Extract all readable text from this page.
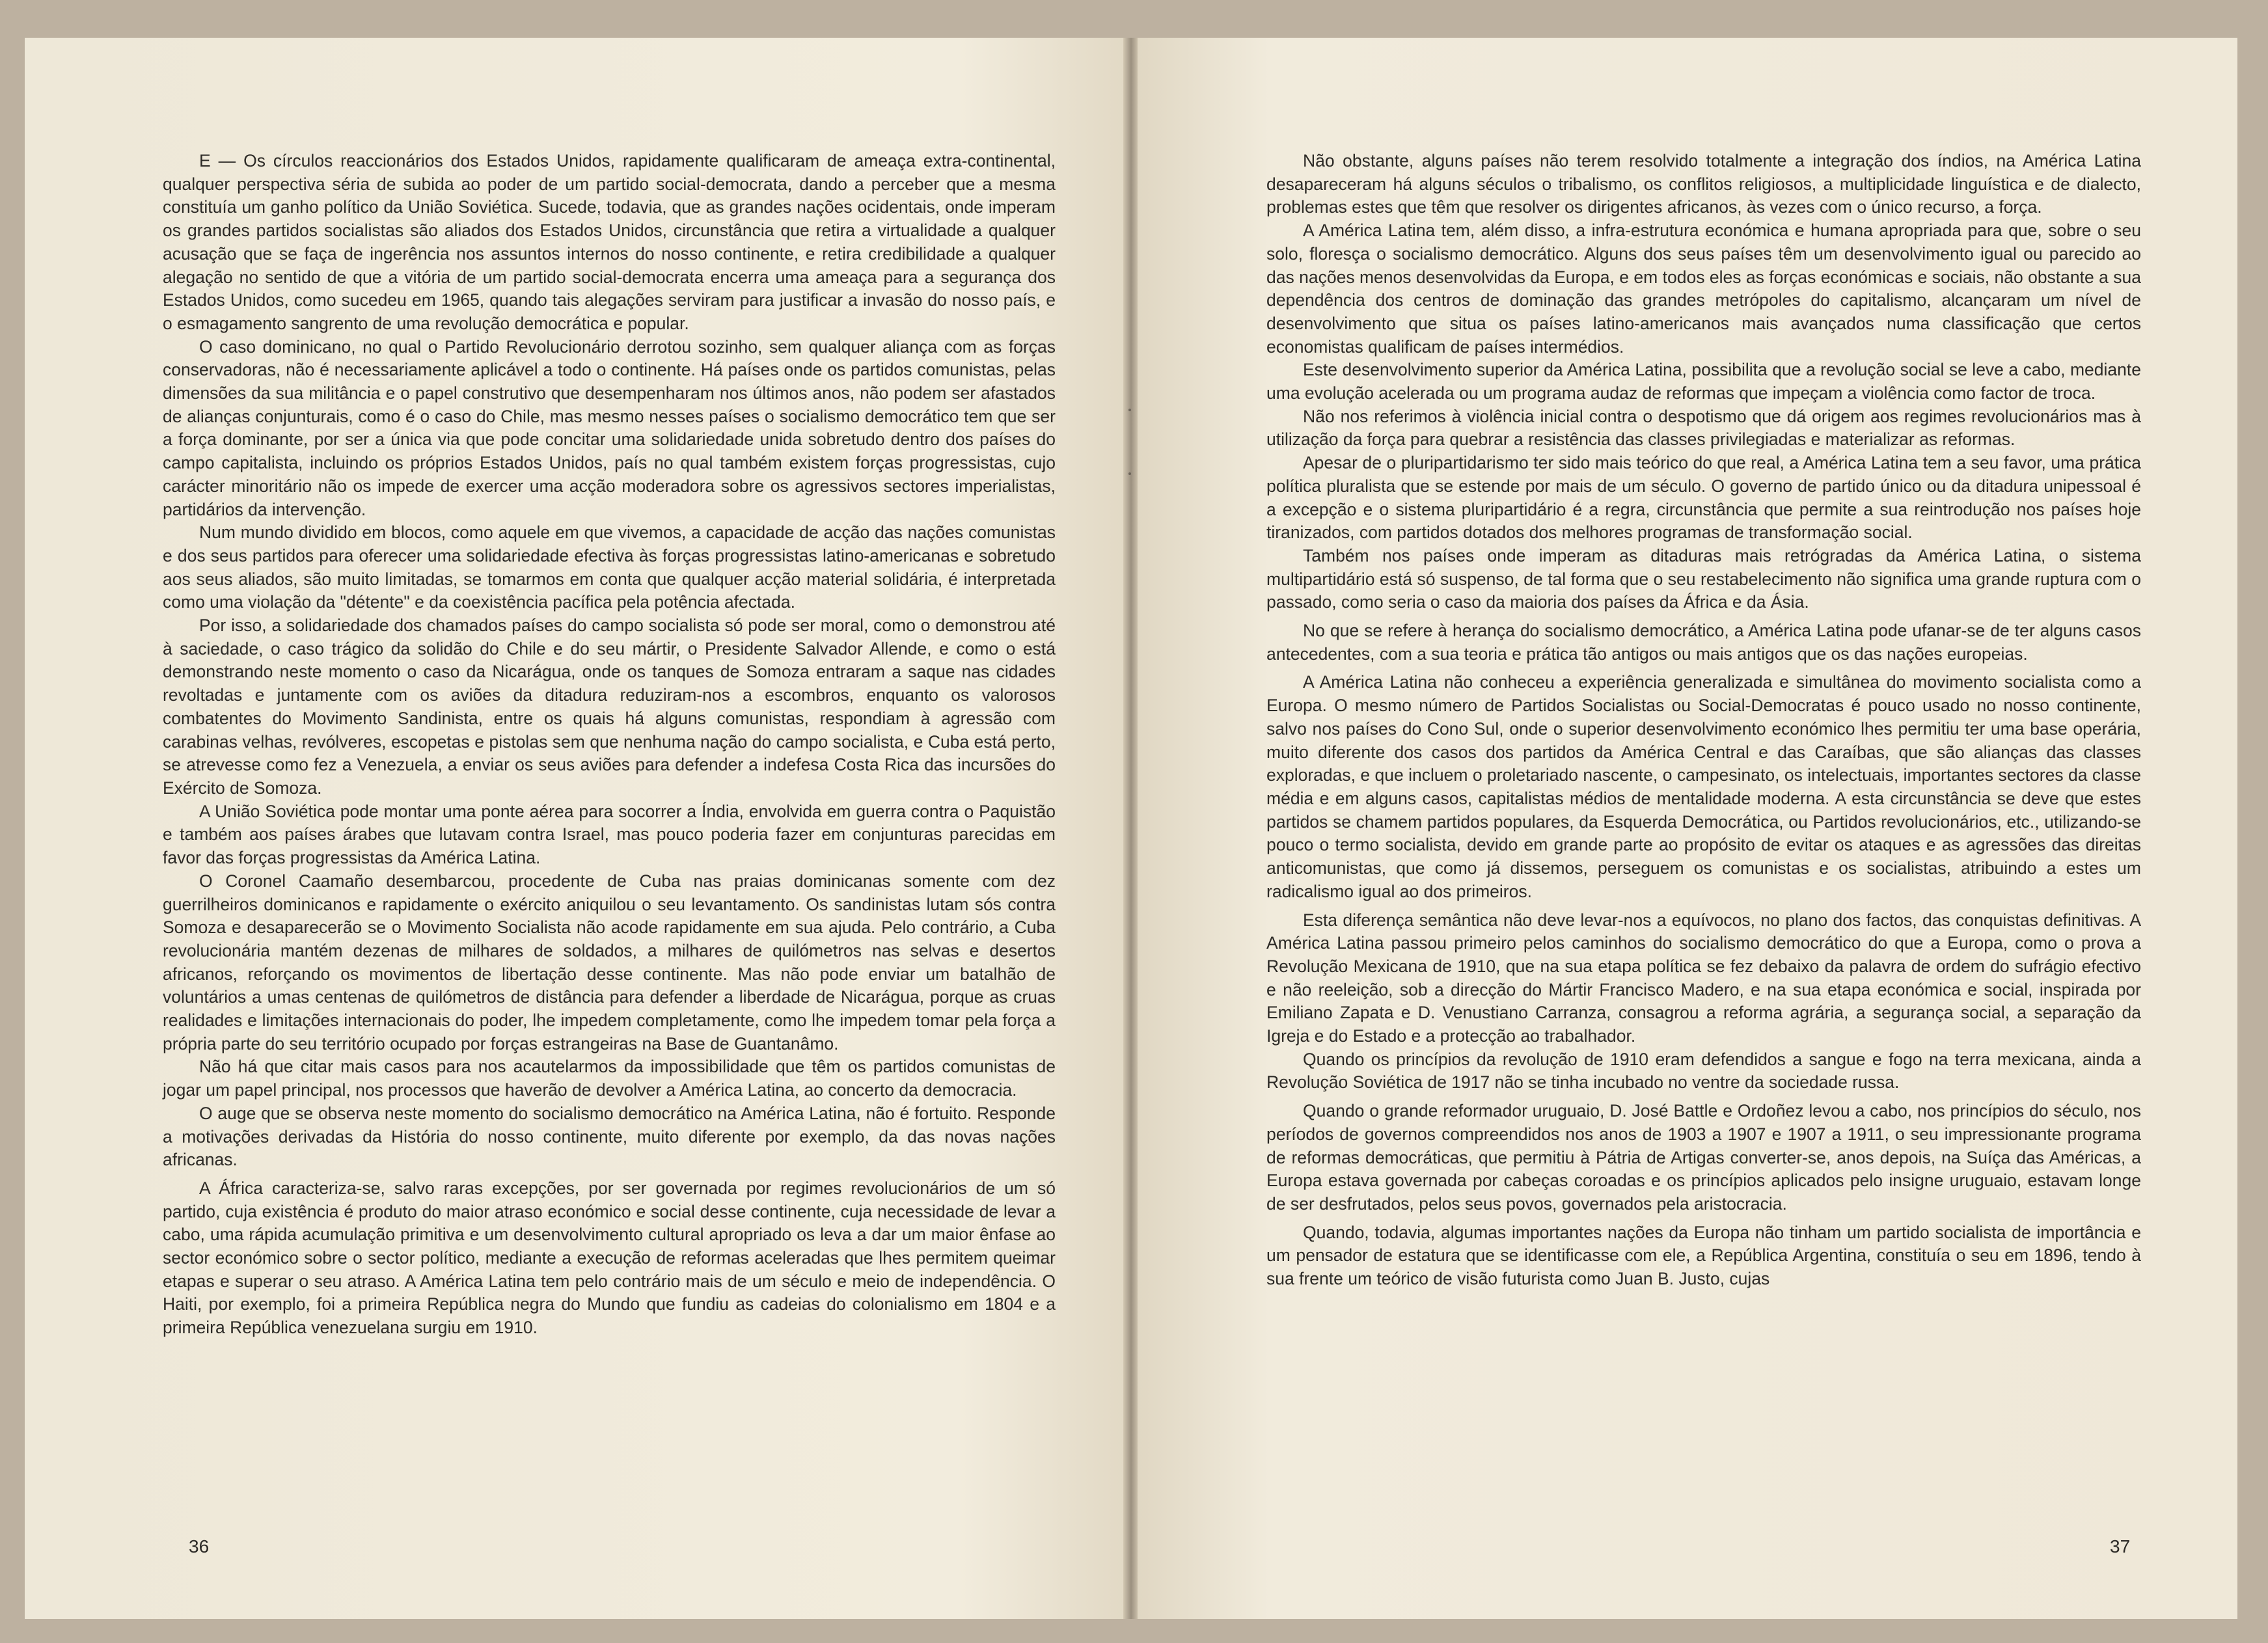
E — Os círculos reaccionários dos Estados Unidos, rapidamente qualificaram de ameaça extra-continental, qualquer perspectiva séria de subida ao poder de um partido social-democrata, dando a perceber que a mesma constituía um ganho político da União Soviética. Sucede, todavia, que as grandes nações ocidentais, onde imperam os grandes partidos socialistas são aliados dos Estados Unidos, circunstância que retira a virtualidade a qualquer acusação que se faça de ingerência nos assuntos internos do nosso continente, e retira credibilidade a qualquer alegação no sentido de que a vitória de um partido social-democrata encerra uma ameaça para a segurança dos Estados Unidos, como sucedeu em 1965, quando tais alegações serviram para justificar a invasão do nosso país, e o esmagamento sangrento de uma revolução democrática e popular.

O caso dominicano, no qual o Partido Revolucionário derrotou sozinho, sem qualquer aliança com as forças conservadoras, não é necessariamente aplicável a todo o continente. Há países onde os partidos comunistas, pelas dimensões da sua militância e o papel construtivo que desempenharam nos últimos anos, não podem ser afastados de alianças conjunturais, como é o caso do Chile, mas mesmo nesses países o socialismo democrático tem que ser a força dominante, por ser a única via que pode concitar uma solidariedade unida sobretudo dentro dos países do campo capitalista, incluindo os próprios Estados Unidos, país no qual também existem forças progressistas, cujo carácter minoritário não os impede de exercer uma acção moderadora sobre os agressivos sectores imperialistas, partidários da intervenção.

Num mundo dividido em blocos, como aquele em que vivemos, a capacidade de acção das nações comunistas e dos seus partidos para oferecer uma solidariedade efectiva às forças progressistas latino-americanas e sobretudo aos seus aliados, são muito limitadas, se tomarmos em conta que qualquer acção material solidária, é interpretada como uma violação da "détente" e da coexistência pacífica pela potência afectada.

Por isso, a solidariedade dos chamados países do campo socialista só pode ser moral, como o demonstrou até à saciedade, o caso trágico da solidão do Chile e do seu mártir, o Presidente Salvador Allende, e como o está demonstrando neste momento o caso da Nicarágua, onde os tanques de Somoza entraram a saque nas cidades revoltadas e juntamente com os aviões da ditadura reduziram-nos a escombros, enquanto os valorosos combatentes do Movimento Sandinista, entre os quais há alguns comunistas, respondiam à agressão com carabinas velhas, revólveres, escopetas e pistolas sem que nenhuma nação do campo socialista, e Cuba está perto, se atrevesse como fez a Venezuela, a enviar os seus aviões para defender a indefesa Costa Rica das incursões do Exército de Somoza.

A União Soviética pode montar uma ponte aérea para socorrer a Índia, envolvida em guerra contra o Paquistão e também aos países árabes que lutavam contra Israel, mas pouco poderia fazer em conjunturas parecidas em favor das forças progressistas da América Latina.

O Coronel Caamaño desembarcou, procedente de Cuba nas praias dominicanas somente com dez guerrilheiros dominicanos e rapidamente o exército aniquilou o seu levantamento. Os sandinistas lutam sós contra Somoza e desaparecerão se o Movimento Socialista não acode rapidamente em sua ajuda. Pelo contrário, a Cuba revolucionária mantém dezenas de milhares de soldados, a milhares de quilómetros nas selvas e desertos africanos, reforçando os movimentos de libertação desse continente. Mas não pode enviar um batalhão de voluntários a umas centenas de quilómetros de distância para defender a liberdade de Nicarágua, porque as cruas realidades e limitações internacionais do poder, lhe impedem completamente, como lhe impedem tomar pela força a própria parte do seu território ocupado por forças estrangeiras na Base de Guantanâmo.

Não há que citar mais casos para nos acautelarmos da impossibilidade que têm os partidos comunistas de jogar um papel principal, nos processos que haverão de devolver a América Latina, ao concerto da democracia.

O auge que se observa neste momento do socialismo democrático na América Latina, não é fortuito. Responde a motivações derivadas da História do nosso continente, muito diferente por exemplo, da das novas nações africanas.

A África caracteriza-se, salvo raras excepções, por ser governada por regimes revolucionários de um só partido, cuja existência é produto do maior atraso económico e social desse continente, cuja necessidade de levar a cabo, uma rápida acumulação primitiva e um desenvolvimento cultural apropriado os leva a dar um maior ênfase ao sector económico sobre o sector político, mediante a execução de reformas aceleradas que lhes permitem queimar etapas e superar o seu atraso. A América Latina tem pelo contrário mais de um século e meio de independência. O Haiti, por exemplo, foi a primeira República negra do Mundo que fundiu as cadeias do colonialismo em 1804 e a primeira República venezuelana surgiu em 1910.

36	37

Não obstante, alguns países não terem resolvido totalmente a integração dos índios, na América Latina desapareceram há alguns séculos o tribalismo, os conflitos religiosos, a multiplicidade linguística e de dialecto, problemas estes que têm que resolver os dirigentes africanos, às vezes com o único recurso, a força.

A América Latina tem, além disso, a infra-estrutura económica e humana apropriada para que, sobre o seu solo, floresça o socialismo democrático. Alguns dos seus países têm um desenvolvimento igual ou parecido ao das nações menos desenvolvidas da Europa, e em todos eles as forças económicas e sociais, não obstante a sua dependência dos centros de dominação das grandes metrópoles do capitalismo, alcançaram um nível de desenvolvimento que situa os países latino-americanos mais avançados numa classificação que certos economistas qualificam de países intermédios.

Este desenvolvimento superior da América Latina, possibilita que a revolução social se leve a cabo, mediante uma evolução acelerada ou um programa audaz de reformas que impeçam a violência como factor de troca.

Não nos referimos à violência inicial contra o despotismo que dá origem aos regimes revolucionários mas à utilização da força para quebrar a resistência das classes privilegiadas e materializar as reformas.

Apesar de o pluripartidarismo ter sido mais teórico do que real, a América Latina tem a seu favor, uma prática política pluralista que se estende por mais de um século. O governo de partido único ou da ditadura unipessoal é a excepção e o sistema pluripartidário é a regra, circunstância que permite a sua reintrodução nos países hoje tiranizados, com partidos dotados dos melhores programas de transformação social.

Também nos países onde imperam as ditaduras mais retrógradas da América Latina, o sistema multipartidário está só suspenso, de tal forma que o seu restabelecimento não significa uma grande ruptura com o passado, como seria o caso da maioria dos países da África e da Ásia.

No que se refere à herança do socialismo democrático, a América Latina pode ufanar-se de ter alguns casos antecedentes, com a sua teoria e prática tão antigos ou mais antigos que os das nações europeias.

A América Latina não conheceu a experiência generalizada e simultânea do movimento socialista como a Europa. O mesmo número de Partidos Socialistas ou Social-Democratas é pouco usado no nosso continente, salvo nos países do Cono Sul, onde o superior desenvolvimento económico lhes permitiu ter uma base operária, muito diferente dos casos dos partidos da América Central e das Caraíbas, que são alianças das classes exploradas, e que incluem o proletariado nascente, o campesinato, os intelectuais, importantes sectores da classe média e em alguns casos, capitalistas médios de mentalidade moderna. A esta circunstância se deve que estes partidos se chamem partidos populares, da Esquerda Democrática, ou Partidos revolucionários, etc., utilizando-se pouco o termo socialista, devido em grande parte ao propósito de evitar os ataques e as agressões das direitas anticomunistas, que como já dissemos, perseguem os comunistas e os socialistas, atribuindo a estes um radicalismo igual ao dos primeiros.

Esta diferença semântica não deve levar-nos a equívocos, no plano dos factos, das conquistas definitivas. A América Latina passou primeiro pelos caminhos do socialismo democrático do que a Europa, como o prova a Revolução Mexicana de 1910, que na sua etapa política se fez debaixo da palavra de ordem do sufrágio efectivo e não reeleição, sob a direcção do Mártir Francisco Madero, e na sua etapa económica e social, inspirada por Emiliano Zapata e D. Venustiano Carranza, consagrou a reforma agrária, a segurança social, a separação da Igreja e do Estado e a protecção ao trabalhador.

Quando os princípios da revolução de 1910 eram defendidos a sangue e fogo na terra mexicana, ainda a Revolução Soviética de 1917 não se tinha incubado no ventre da sociedade russa.

Quando o grande reformador uruguaio, D. José Battle e Ordoñez levou a cabo, nos princípios do século, nos períodos de governos compreendidos nos anos de 1903 a 1907 e 1907 a 1911, o seu impressionante programa de reformas democráticas, que permitiu à Pátria de Artigas converter-se, anos depois, na Suíça das Américas, a Europa estava governada por cabeças coroadas e os princípios aplicados pelo insigne uruguaio, estavam longe de ser desfrutados, pelos seus povos, governados pela aristocracia.

Quando, todavia, algumas importantes nações da Europa não tinham um partido socialista de importância e um pensador de estatura que se identificasse com ele, a República Argentina, constituía o seu em 1896, tendo à sua frente um teórico de visão futurista como Juan B. Justo, cujas
